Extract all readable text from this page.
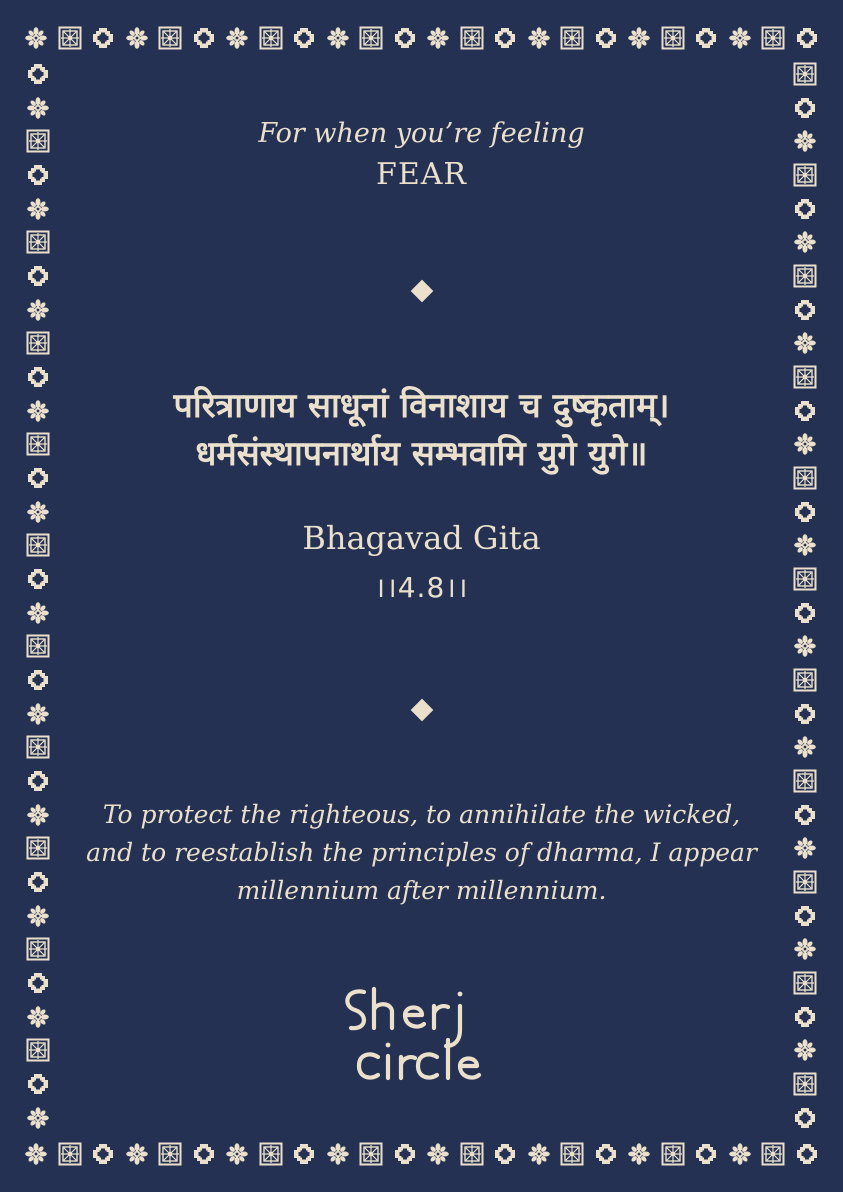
For when you’re feeling
FEAR
परित्राणाय साधूनां विनाशाय च दुष्कृताम्।
धर्मसंस्थापनार्थाय सम्भवामि युगे युगे॥
Bhagavad Gita
।।4.8।।
To protect the righteous, to annihilate the wicked, and to reestablish the principles of dharma, I appear millennium after millennium.
